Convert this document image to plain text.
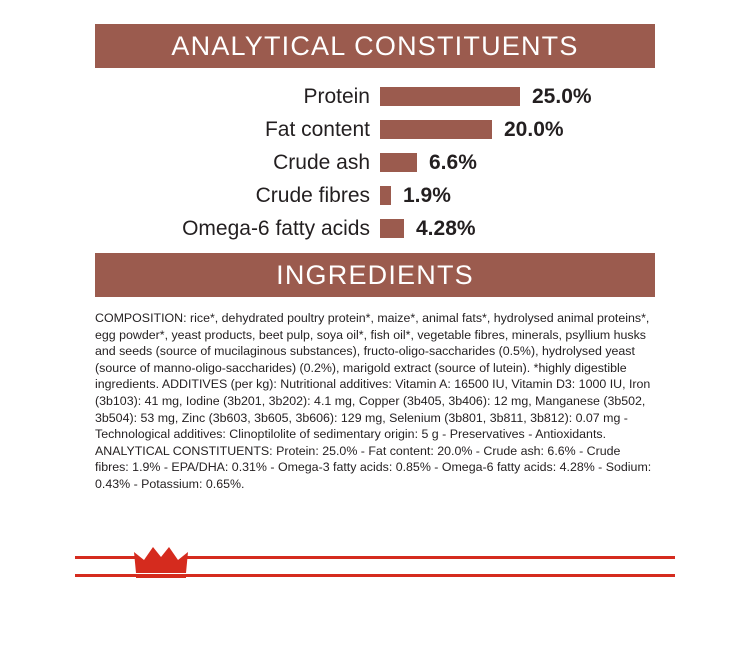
ANALYTICAL CONSTITUENTS
Protein	25.0%
Fat content	20.0%
Crude ash	6.6%
Crude fibres	1.9%
Omega-6 fatty acids	4.28%
INGREDIENTS
COMPOSITION: rice*, dehydrated poultry protein*, maize*, animal fats*, hydrolysed animal proteins*, egg powder*, yeast products, beet pulp, soya oil*, fish oil*, vegetable fibres, minerals, psyllium husks and seeds (source of mucilaginous substances), fructo-oligo-saccharides (0.5%), hydrolysed yeast (source of manno-oligo-saccharides) (0.2%), marigold extract (source of lutein). *highly digestible ingredients. ADDITIVES (per kg): Nutritional additives: Vitamin A: 16500 IU, Vitamin D3: 1000 IU, Iron (3b103): 41 mg, Iodine (3b201, 3b202): 4.1 mg, Copper (3b405, 3b406): 12 mg, Manganese (3b502, 3b504): 53 mg, Zinc (3b603, 3b605, 3b606): 129 mg, Selenium (3b801, 3b811, 3b812): 0.07 mg - Technological additives: Clinoptilolite of sedimentary origin: 5 g - Preservatives - Antioxidants. ANALYTICAL CONSTITUENTS: Protein: 25.0% - Fat content: 20.0% - Crude ash: 6.6% - Crude fibres: 1.9% - EPA/DHA: 0.31% - Omega-3 fatty acids: 0.85% - Omega-6 fatty acids: 4.28% - Sodium: 0.43% - Potassium: 0.65%.
